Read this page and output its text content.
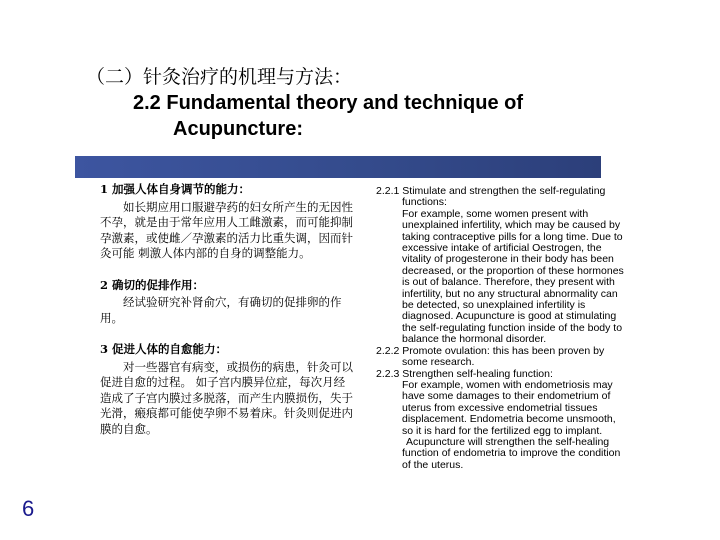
（二）针灸治疗的机理与方法：
2.2 Fundamental theory and technique of
Acupuncture:

1 加强人体自身调节的能力：

如长期应用口服避孕药的妇女所产生的无因性不孕，就是由于常年应用人工雌激素，而可能抑制孕激素，或使雌／孕激素的活力比重失调，因而针灸可能 刺激人体内部的自身的调整能力。

2 确切的促排作用：

经试验研究补肾俞穴，有确切的促排卵的作用。

3 促进人体的自愈能力：

对一些器官有病变，或损伤的病患，针灸可以促进自愈的过程。 如子宫内膜异位症，每次月经造成了子宫内膜过多脱落，而产生内膜损伤，失于光滑，瘢痕都可能使孕卵不易着床。针灸则促进内膜的自愈。

2.2.1 Stimulate and strengthen the self-regulating

functions:

For example, some women present with

unexplained infertility, which may be caused by

taking contraceptive pills for a long time. Due to

excessive intake of artificial Oestrogen, the

vitality of progesterone in their body has been

decreased, or the proportion of these hormones

is out of balance. Therefore, they present with

infertility, but no any structural abnormality can

be detected, so unexplained infertility is

diagnosed. Acupuncture is good at stimulating

the self-regulating function inside of the body to

balance the hormonal disorder.

2.2.2 Promote ovulation: this has been proven by

some research.

2.2.3 Strengthen self-healing function:

For example, women with endometriosis may

have some damages to their endometrium of

uterus from excessive endometrial tissues

displacement. Endometria become unsmooth,

so it is hard for the fertilized egg to implant.

Acupuncture will strengthen the self-healing

function of endometria to improve the condition

of the uterus.

6
